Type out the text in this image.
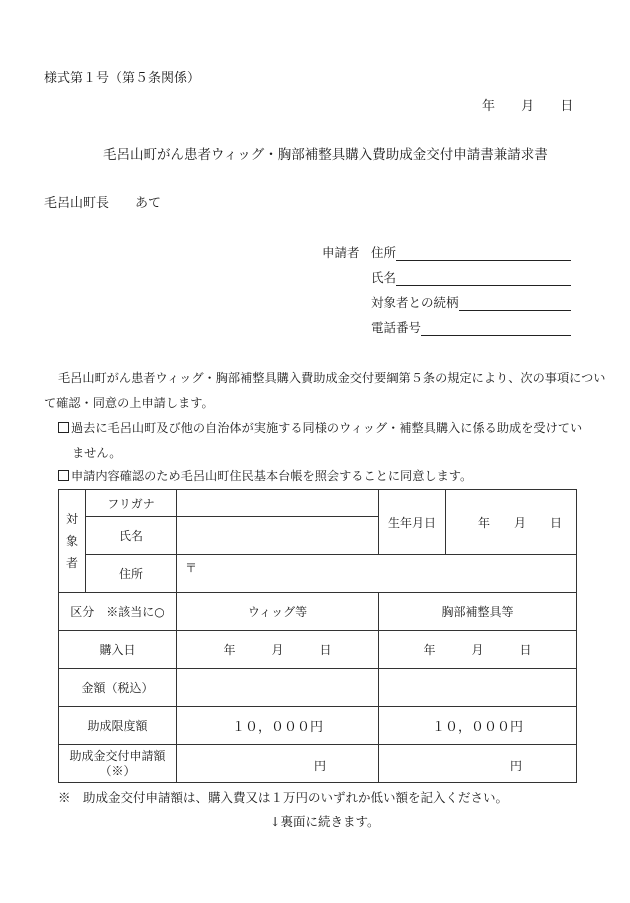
様式第１号（第５条関係）
年 月 日
毛呂山町がん患者ウィッグ・胸部補整具購入費助成金交付申請書兼請求書
毛呂山町長　　あて
申請者 住所
氏名
対象者との続柄
電話番号
毛呂山町がん患者ウィッグ・胸部補整具購入費助成金交付要綱第５条の規定により、次の事項につい
て確認・同意の上申請します。
過去に毛呂山町及び他の自治体が実施する同様のウィッグ・補整具購入に係る助成を受けてい
ません。
申請内容確認のため毛呂山町住民基本台帳を照会することに同意します。
対象者	フリガナ		生年月日	年　　月　　日
	氏名			
	住所	〒		
区分　※該当に○		ウィッグ等	胸部補整具等	
購入日		年　　　月　　　日	年　　　月　　　日	
金額（税込）				
助成限度額		１０，０００円	１０，０００円	

助成金交付申請額
（※）		円	円	
※　助成金交付申請額は、購入費又は１万円のいずれか低い額を記入ください。
↓裏面に続きます。
